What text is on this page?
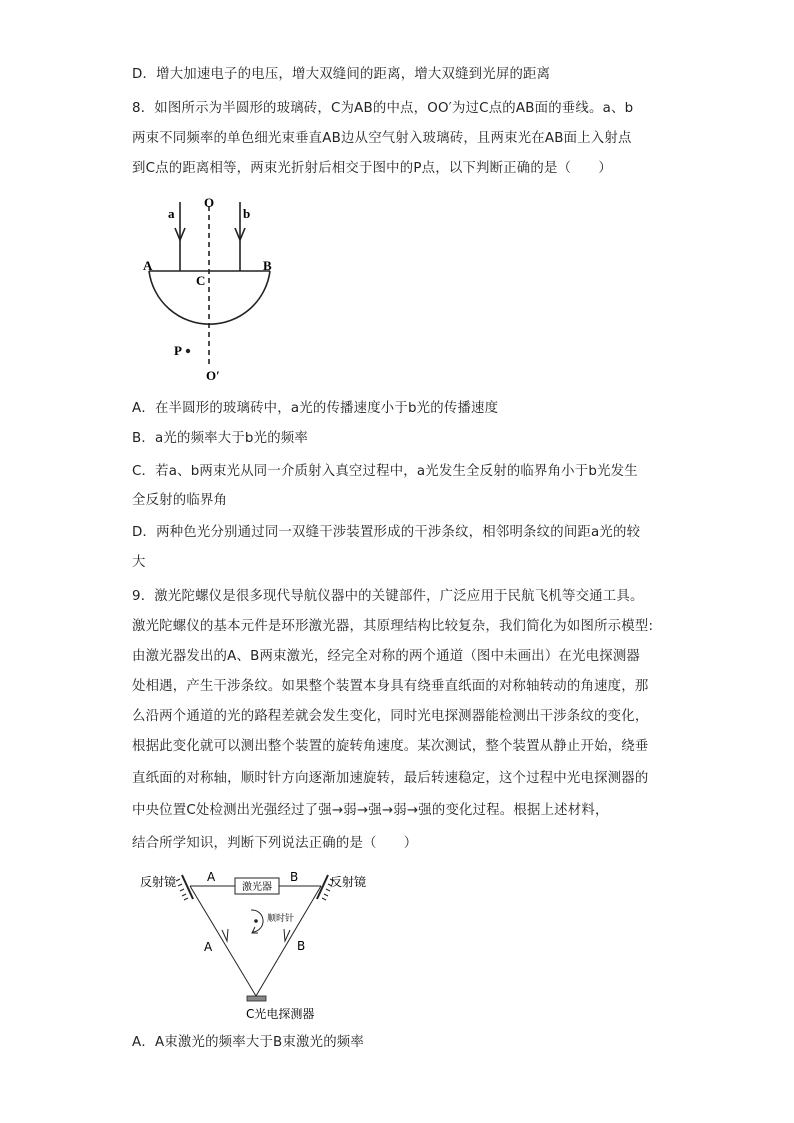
D．增大加速电子的电压，增大双缝间的距离，增大双缝到光屏的距离
8．如图所示为半圆形的玻璃砖，C为AB的中点，OO′为过C点的AB面的垂线。a、b
两束不同频率的单色细光束垂直AB边从空气射入玻璃砖，且两束光在AB面上入射点
到C点的距离相等，两束光折射后相交于图中的P点，以下判断正确的是（　　）
a	b
O
A	B
C
P
O′
A．在半圆形的玻璃砖中，a光的传播速度小于b光的传播速度
B．a光的频率大于b光的频率
C．若a、b两束光从同一介质射入真空过程中，a光发生全反射的临界角小于b光发生
全反射的临界角
D．两种色光分别通过同一双缝干涉装置形成的干涉条纹，相邻明条纹的间距a光的较
大
9．激光陀螺仪是很多现代导航仪器中的关键部件，广泛应用于民航飞机等交通工具。
激光陀螺仪的基本元件是环形激光器，其原理结构比较复杂，我们简化为如图所示模型:
由激光器发出的A、B两束激光，经完全对称的两个通道（图中未画出）在光电探测器
处相遇，产生干涉条纹。如果整个装置本身具有绕垂直纸面的对称轴转动的角速度，那
么沿两个通道的光的路程差就会发生变化，同时光电探测器能检测出干涉条纹的变化，
根据此变化就可以测出整个装置的旋转角速度。某次测试，整个装置从静止开始，绕垂
直纸面的对称轴，顺时针方向逐渐加速旋转，最后转速稳定，这个过程中光电探测器的
中央位置C处检测出光强经过了强→弱→强→弱→强的变化过程。根据上述材料，
结合所学知识，判断下列说法正确的是（　　）
激光器
反射镜	反射镜
A	B
A	B
顺时针
C光电探测器
A．A束激光的频率大于B束激光的频率
